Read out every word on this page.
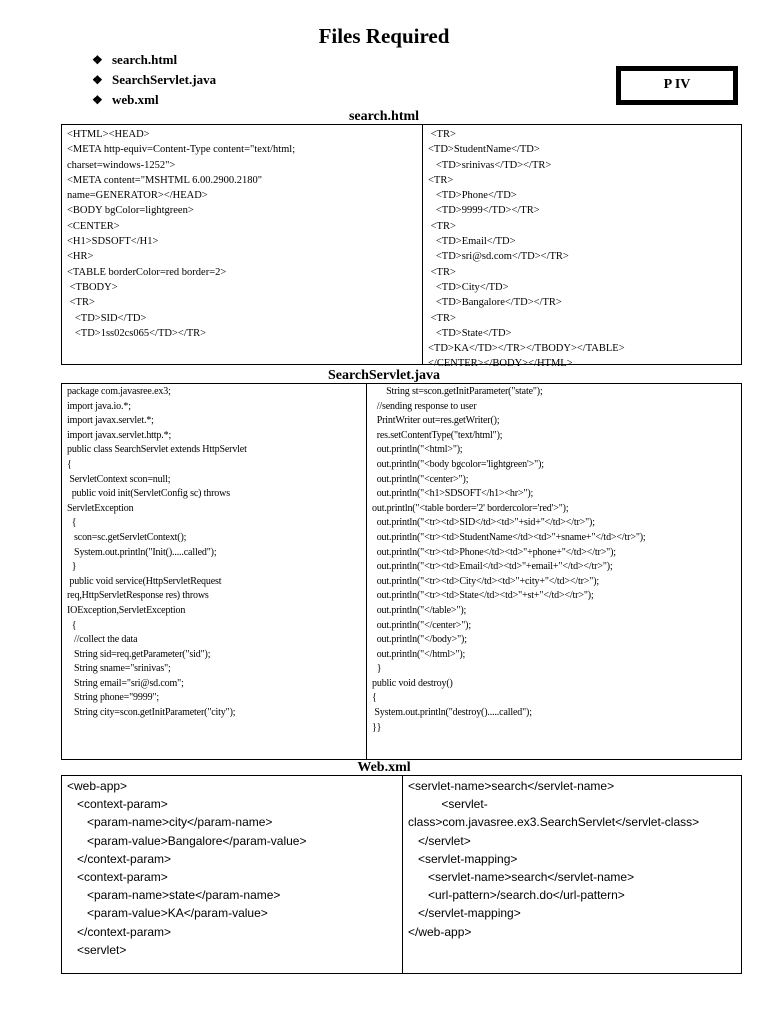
Files Required
❖ search.html
❖ SearchServlet.java
❖ web.xml
P IV
search.html
<HTML><HEAD>
<META http-equiv=Content-Type content="text/html;
charset=windows-1252">
<META content="MSHTML 6.00.2900.2180"
name=GENERATOR></HEAD>
<BODY bgColor=lightgreen>
<CENTER>
<H1>SDSOFT</H1>
<HR>
<TABLE borderColor=red border=2>
<TBODY>
<TR>
<TD>SID</TD>
<TD>1ss02cs065</TD></TR>
<TR>
<TD>StudentName</TD>
<TD>srinivas</TD></TR>
<TR>
<TD>Phone</TD>
<TD>9999</TD></TR>
<TR>
<TD>Email</TD>
<TD>sri@sd.com</TD></TR>
<TR>
<TD>City</TD>
<TD>Bangalore</TD></TR>
<TR>
<TD>State</TD>
<TD>KA</TD></TR></TBODY></TABLE>
</CENTER></BODY></HTML>
SearchServlet.java
package com.javasree.ex3;
import java.io.*;
import javax.servlet.*;
import javax.servlet.http.*;
public class SearchServlet extends HttpServlet
{
ServletContext scon=null;
public void init(ServletConfig sc) throws
ServletException
{
scon=sc.getServletContext();
System.out.println("Init().....called");
}
public void service(HttpServletRequest
req,HttpServletResponse res) throws
IOException,ServletException
{
//collect the data
String sid=req.getParameter("sid");
String sname="srinivas";
String email="sri@sd.com";
String phone="9999";
String city=scon.getInitParameter("city");
String st=scon.getInitParameter("state");
//sending response to user
PrintWriter out=res.getWriter();
res.setContentType("text/html");
out.println("<html>");
out.println("<body bgcolor='lightgreen'>");
out.println("<center>");
out.println("<h1>SDSOFT</h1><hr>");
out.println("<table border='2' bordercolor='red'>");
out.println("<tr><td>SID</td><td>"+sid+"</td></tr>");
out.println("<tr><td>StudentName</td><td>"+sname+"</td></tr>");
out.println("<tr><td>Phone</td><td>"+phone+"</td></tr>");
out.println("<tr><td>Email</td><td>"+email+"</td></tr>");
out.println("<tr><td>City</td><td>"+city+"</td></tr>");
out.println("<tr><td>State</td><td>"+st+"</td></tr>");
out.println("</table>");
out.println("</center>");
out.println("</body>");
out.println("</html>");
}
public void destroy()
{
System.out.println("destroy().....called");
}}
Web.xml
<web-app>
<context-param>
<param-name>city</param-name>
<param-value>Bangalore</param-value>
</context-param>
<context-param>
<param-name>state</param-name>
<param-value>KA</param-value>
</context-param>
<servlet>
<servlet-name>search</servlet-name>
<servlet-
class>com.javasree.ex3.SearchServlet</servlet-class>
</servlet>
<servlet-mapping>
<servlet-name>search</servlet-name>
<url-pattern>/search.do</url-pattern>
</servlet-mapping>
</web-app>
